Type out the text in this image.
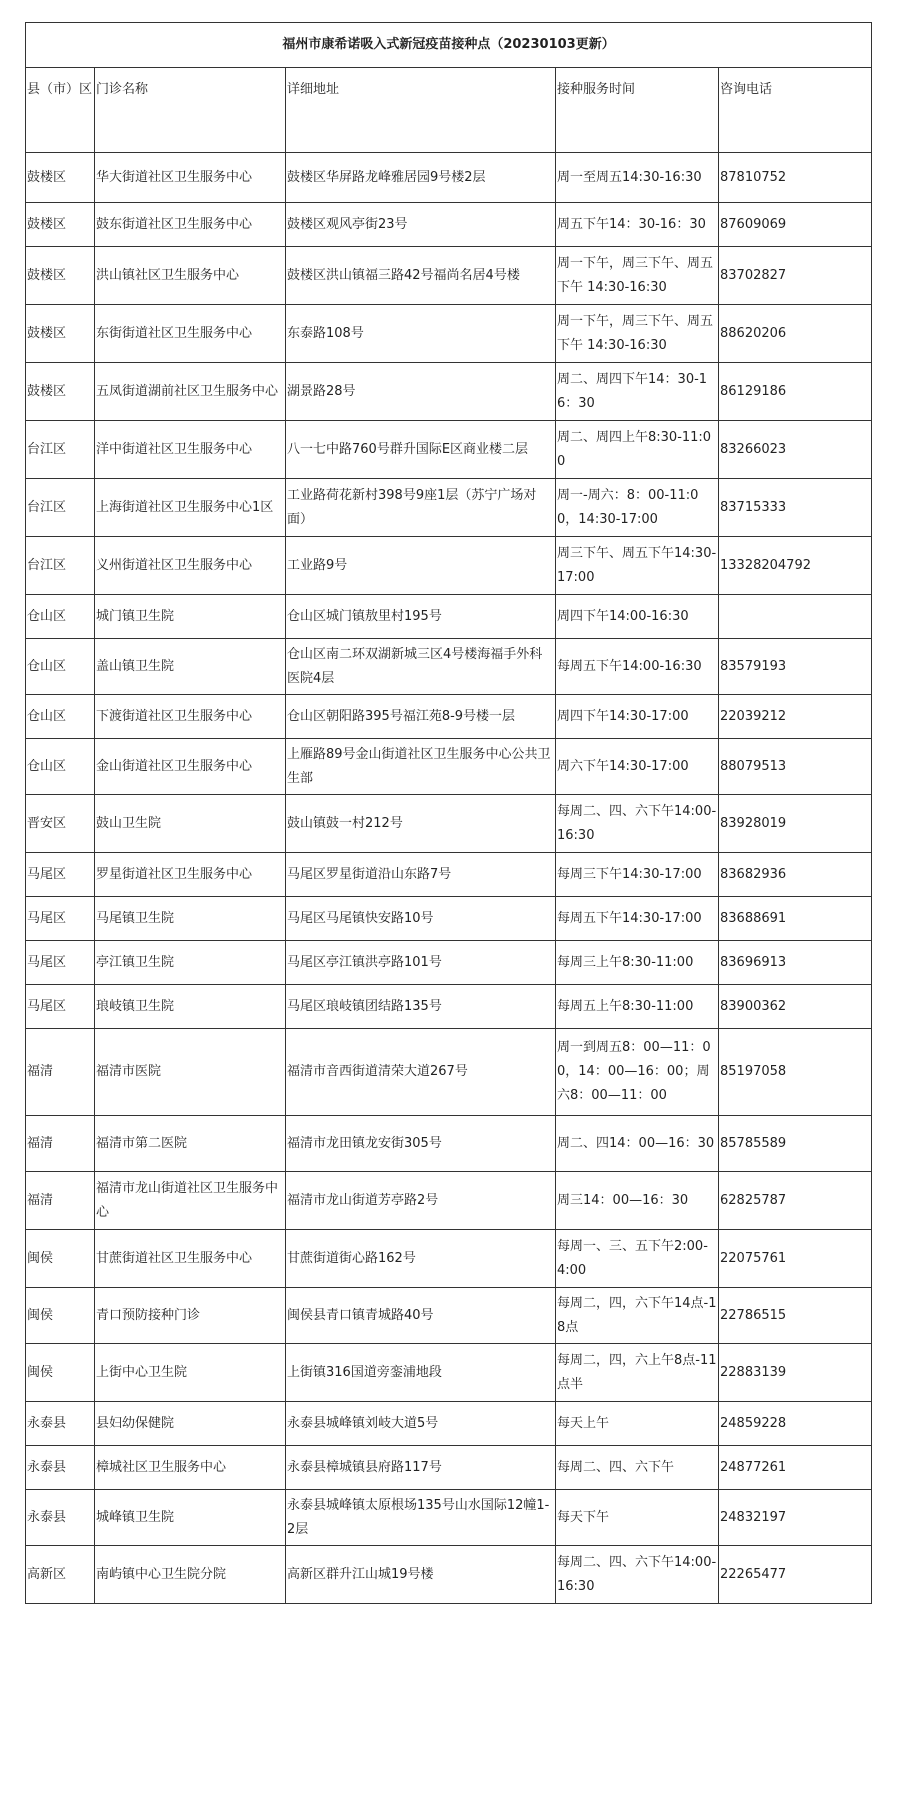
福州市康希诺吸入式新冠疫苗接种点（20230103更新）				
县（市）区	门诊名称	详细地址	接种服务时间	咨询电话
鼓楼区	华大街道社区卫生服务中心	鼓楼区华屏路龙峰雅居园9号楼2层	周一至周五14:30-16:30	87810752
鼓楼区	鼓东街道社区卫生服务中心	鼓楼区观风亭街23号	周五下午14：30-16：30	87609069
鼓楼区	洪山镇社区卫生服务中心	鼓楼区洪山镇福三路42号福尚名居4号楼	周一下午，周三下午、周五下午 14:30-16:30	83702827
鼓楼区	东街街道社区卫生服务中心	东泰路108号	周一下午，周三下午、周五下午 14:30-16:30	88620206
鼓楼区	五凤街道湖前社区卫生服务中心	湖景路28号	周二、周四下午14：30-16：30	86129186
台江区	洋中街道社区卫生服务中心	八一七中路760号群升国际E区商业楼二层	周二、周四上午8:30-11:00	83266023
台江区	上海街道社区卫生服务中心1区	工业路荷花新村398号9座1层（苏宁广场对面）	周一-周六：8：00-11:00，14:30-17:00	83715333
台江区	义州街道社区卫生服务中心	工业路9号	周三下午、周五下午14:30-17:00	13328204792
仓山区	城门镇卫生院	仓山区城门镇敖里村195号	周四下午14:00-16:30	
仓山区	盖山镇卫生院	仓山区南二环双湖新城三区4号楼海福手外科医院4层	每周五下午14:00-16:30	83579193
仓山区	下渡街道社区卫生服务中心	仓山区朝阳路395号福江苑8-9号楼一层	周四下午14:30-17:00	22039212
仓山区	金山街道社区卫生服务中心	上雁路89号金山街道社区卫生服务中心公共卫生部	周六下午14:30-17:00	88079513
晋安区	鼓山卫生院	鼓山镇鼓一村212号	每周二、四、六下午14:00-16:30	83928019
马尾区	罗星街道社区卫生服务中心	马尾区罗星街道沿山东路7号	每周三下午14:30-17:00	83682936
马尾区	马尾镇卫生院	马尾区马尾镇快安路10号	每周五下午14:30-17:00	83688691
马尾区	亭江镇卫生院	马尾区亭江镇洪亭路101号	每周三上午8:30-11:00	83696913
马尾区	琅岐镇卫生院	马尾区琅岐镇团结路135号	每周五上午8:30-11:00	83900362
福清	福清市医院	福清市音西街道清荣大道267号	周一到周五8：00—11：00，14：00—16：00；周六8：00—11：00	85197058
福清	福清市第二医院	福清市龙田镇龙安街305号	周二、四14：00—16：30	85785589
福清	福清市龙山街道社区卫生服务中心	福清市龙山街道芳亭路2号	周三14：00—16：30	62825787
闽侯	甘蔗街道社区卫生服务中心	甘蔗街道街心路162号	每周一、三、五下午2:00-4:00	22075761
闽侯	青口预防接种门诊	闽侯县青口镇青城路40号	每周二，四，六下午14点-18点	22786515
闽侯	上街中心卫生院	上街镇316国道旁銮浦地段	每周二，四，六上午8点-11点半	22883139
永泰县	县妇幼保健院	永泰县城峰镇刘岐大道5号	每天上午	24859228
永泰县	樟城社区卫生服务中心	永泰县樟城镇县府路117号	每周二、四、六下午	24877261
永泰县	城峰镇卫生院	永泰县城峰镇太原根场135号山水国际12幢1-2层	每天下午	24832197
高新区	南屿镇中心卫生院分院	高新区群升江山城19号楼	每周二、四、六下午14:00-16:30	22265477
